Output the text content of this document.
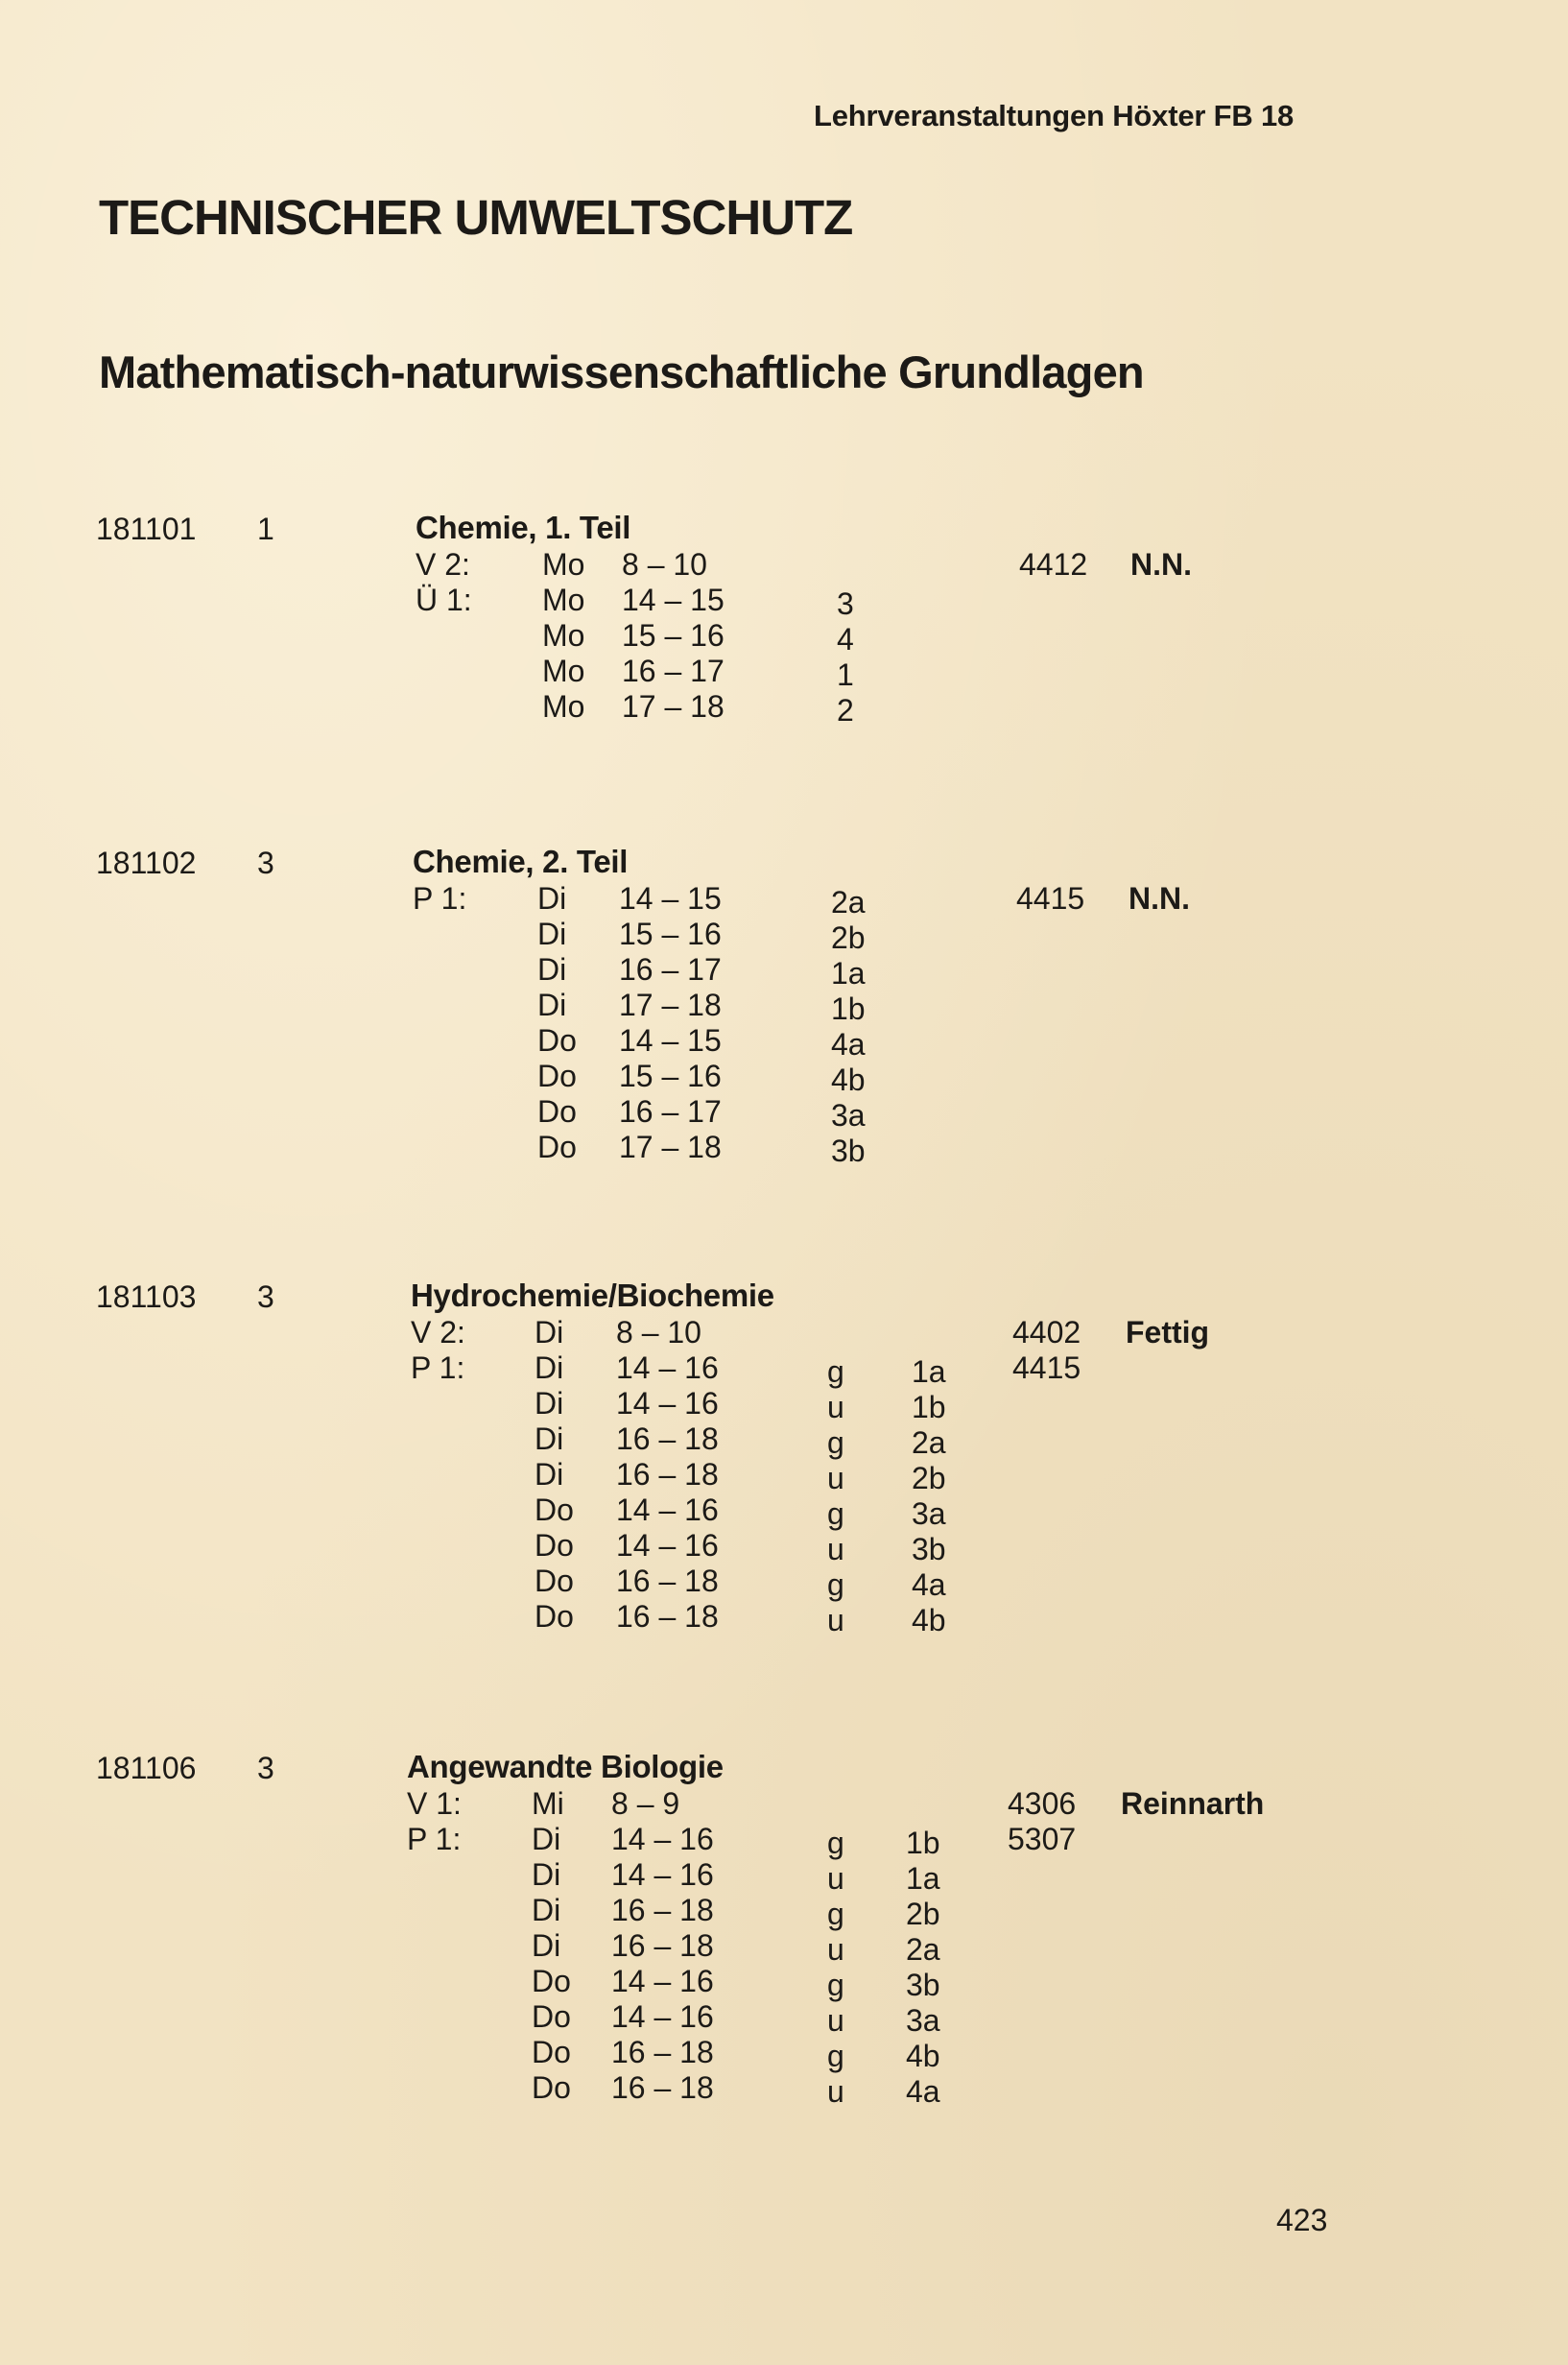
Lehrveranstaltungen Höxter FB 18
TECHNISCHER UMWELTSCHUTZ
Mathematisch-naturwissenschaftliche Grundlagen
181101 1	Chemie, 1. Teil
V 2: Mo 8 – 10	4412 N.N.
Ü 1: Mo 14 – 15	3
Mo 15 – 16	4
Mo 16 – 17	1
Mo 17 – 18	2
181102 3	Chemie, 2. Teil
P 1: Di 14 – 15	2a	4415 N.N.
Di 15 – 16	2b
Di 16 – 17	1a
Di 17 – 18	1b
Do 14 – 15	4a
Do 15 – 16	4b
Do 16 – 17	3a
Do 17 – 18	3b
181103 3	Hydrochemie/Biochemie
V 2: Di 8 – 10	4402 Fettig
P 1: Di 14 – 16	g 1a 4415
Di 14 – 16	u 1b
Di 16 – 18	g 2a
Di 16 – 18	u 2b
Do 14 – 16	g 3a
Do 14 – 16	u 3b
Do 16 – 18	g 4a
Do 16 – 18	u 4b
181106 3	Angewandte Biologie
V 1: Mi 8 – 9	4306 Reinnarth
P 1: Di 14 – 16	g 1b 5307
Di 14 – 16	u 1a
Di 16 – 18	g 2b
Di 16 – 18	u 2a
Do 14 – 16	g 3b
Do 14 – 16	u 3a
Do 16 – 18	g 4b
Do 16 – 18	u 4a
423
